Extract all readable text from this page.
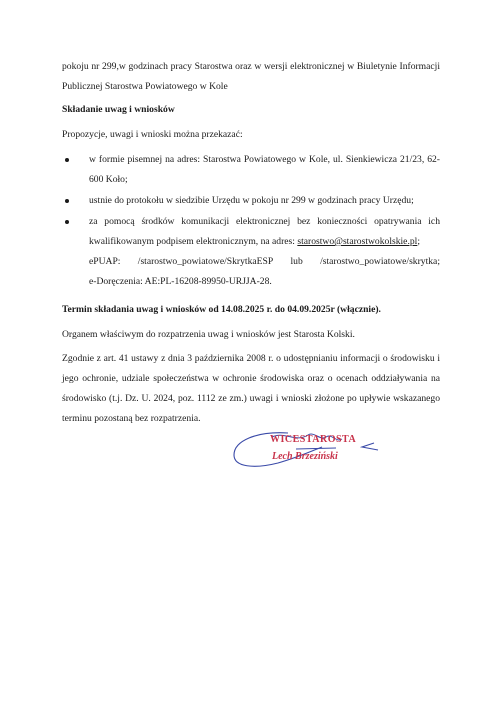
pokoju nr 299,w godzinach pracy Starostwa oraz w wersji elektronicznej w Biuletynie Informacji Publicznej Starostwa Powiatowego w Kole

Składanie uwag i wniosków

Propozycje, uwagi i wnioski można przekazać:

w formie pisemnej na adres: Starostwa Powiatowego w Kole, ul. Sienkiewicza 21/23, 62-600 Koło;
ustnie do protokołu w siedzibie Urzędu w pokoju nr 299 w godzinach pracy Urzędu;
za pomocą środków komunikacji elektronicznej bez konieczności opatrywania ich kwalifikowanym podpisem elektronicznym, na adres: starostwo@starostwokolskie.pl;
ePUAP: /starostwo_powiatowe/SkrytkaESP lub /starostwo_powiatowe/skrytka;
e-Doręczenia: AE:PL-16208-89950-URJJA-28.

Termin składania uwag i wniosków od 14.08.2025 r. do 04.09.2025r (włącznie).

Organem właściwym do rozpatrzenia uwag i wniosków jest Starosta Kolski.

Zgodnie z art. 41 ustawy z dnia 3 października 2008 r. o udostępnianiu informacji o środowisku i jego ochronie, udziale społeczeństwa w ochronie środowiska oraz o ocenach oddziaływania na środowisko (t.j. Dz. U. 2024, poz. 1112 ze zm.) uwagi i wnioski złożone po upływie wskazanego terminu pozostaną bez rozpatrzenia.

WICESTAROSTA
Lech Brzeziński
